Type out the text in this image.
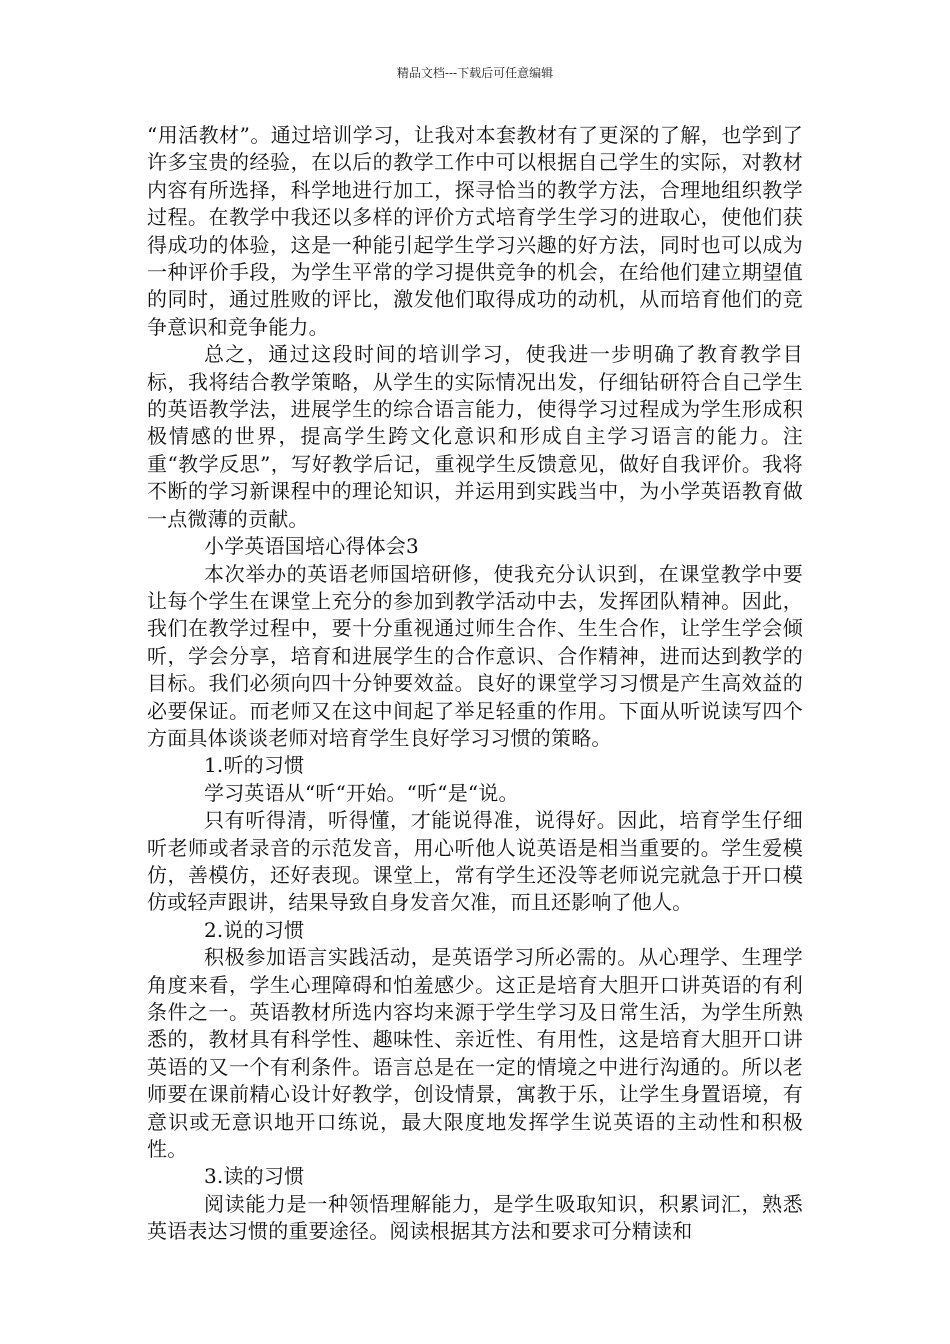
精品文档---下载后可任意编辑

“用活教材”。通过培训学习，让我对本套教材有了更深的了解，也学到了许多宝贵的经验，在以后的教学工作中可以根据自己学生的实际，对教材内容有所选择，科学地进行加工，探寻恰当的教学方法，合理地组织教学过程。在教学中我还以多样的评价方式培育学生学习的进取心，使他们获得成功的体验，这是一种能引起学生学习兴趣的好方法，同时也可以成为一种评价手段，为学生平常的学习提供竞争的机会，在给他们建立期望值的同时，通过胜败的评比，激发他们取得成功的动机，从而培育他们的竞争意识和竞争能力。

总之，通过这段时间的培训学习，使我进一步明确了教育教学目标，我将结合教学策略，从学生的实际情况出发，仔细钻研符合自己学生的英语教学法，进展学生的综合语言能力，使得学习过程成为学生形成积极情感的世界，提高学生跨文化意识和形成自主学习语言的能力。注重“教学反思”，写好教学后记，重视学生反馈意见，做好自我评价。我将不断的学习新课程中的理论知识，并运用到实践当中，为小学英语教育做一点微薄的贡献。

小学英语国培心得体会3

本次举办的英语老师国培研修，使我充分认识到，在课堂教学中要让每个学生在课堂上充分的参加到教学活动中去，发挥团队精神。因此，我们在教学过程中，要十分重视通过师生合作、生生合作，让学生学会倾听，学会分享，培育和进展学生的合作意识、合作精神，进而达到教学的目标。我们必须向四十分钟要效益。良好的课堂学习习惯是产生高效益的必要保证。而老师又在这中间起了举足轻重的作用。下面从听说读写四个方面具体谈谈老师对培育学生良好学习习惯的策略。

1.听的习惯

学习英语从“听“开始。“听“是“说。

只有听得清，听得懂，才能说得准，说得好。因此，培育学生仔细听老师或者录音的示范发音，用心听他人说英语是相当重要的。学生爱模仿，善模仿，还好表现。课堂上，常有学生还没等老师说完就急于开口模仿或轻声跟讲，结果导致自身发音欠准，而且还影响了他人。

2.说的习惯

积极参加语言实践活动，是英语学习所必需的。从心理学、生理学角度来看，学生心理障碍和怕羞感少。这正是培育大胆开口讲英语的有利条件之一。英语教材所选内容均来源于学生学习及日常生活，为学生所熟悉的，教材具有科学性、趣味性、亲近性、有用性，这是培育大胆开口讲英语的又一个有利条件。语言总是在一定的情境之中进行沟通的。所以老师要在课前精心设计好教学，创设情景，寓教于乐，让学生身置语境，有意识或无意识地开口练说，最大限度地发挥学生说英语的主动性和积极性。

3.读的习惯

阅读能力是一种领悟理解能力，是学生吸取知识，积累词汇，熟悉英语表达习惯的重要途径。阅读根据其方法和要求可分精读和
